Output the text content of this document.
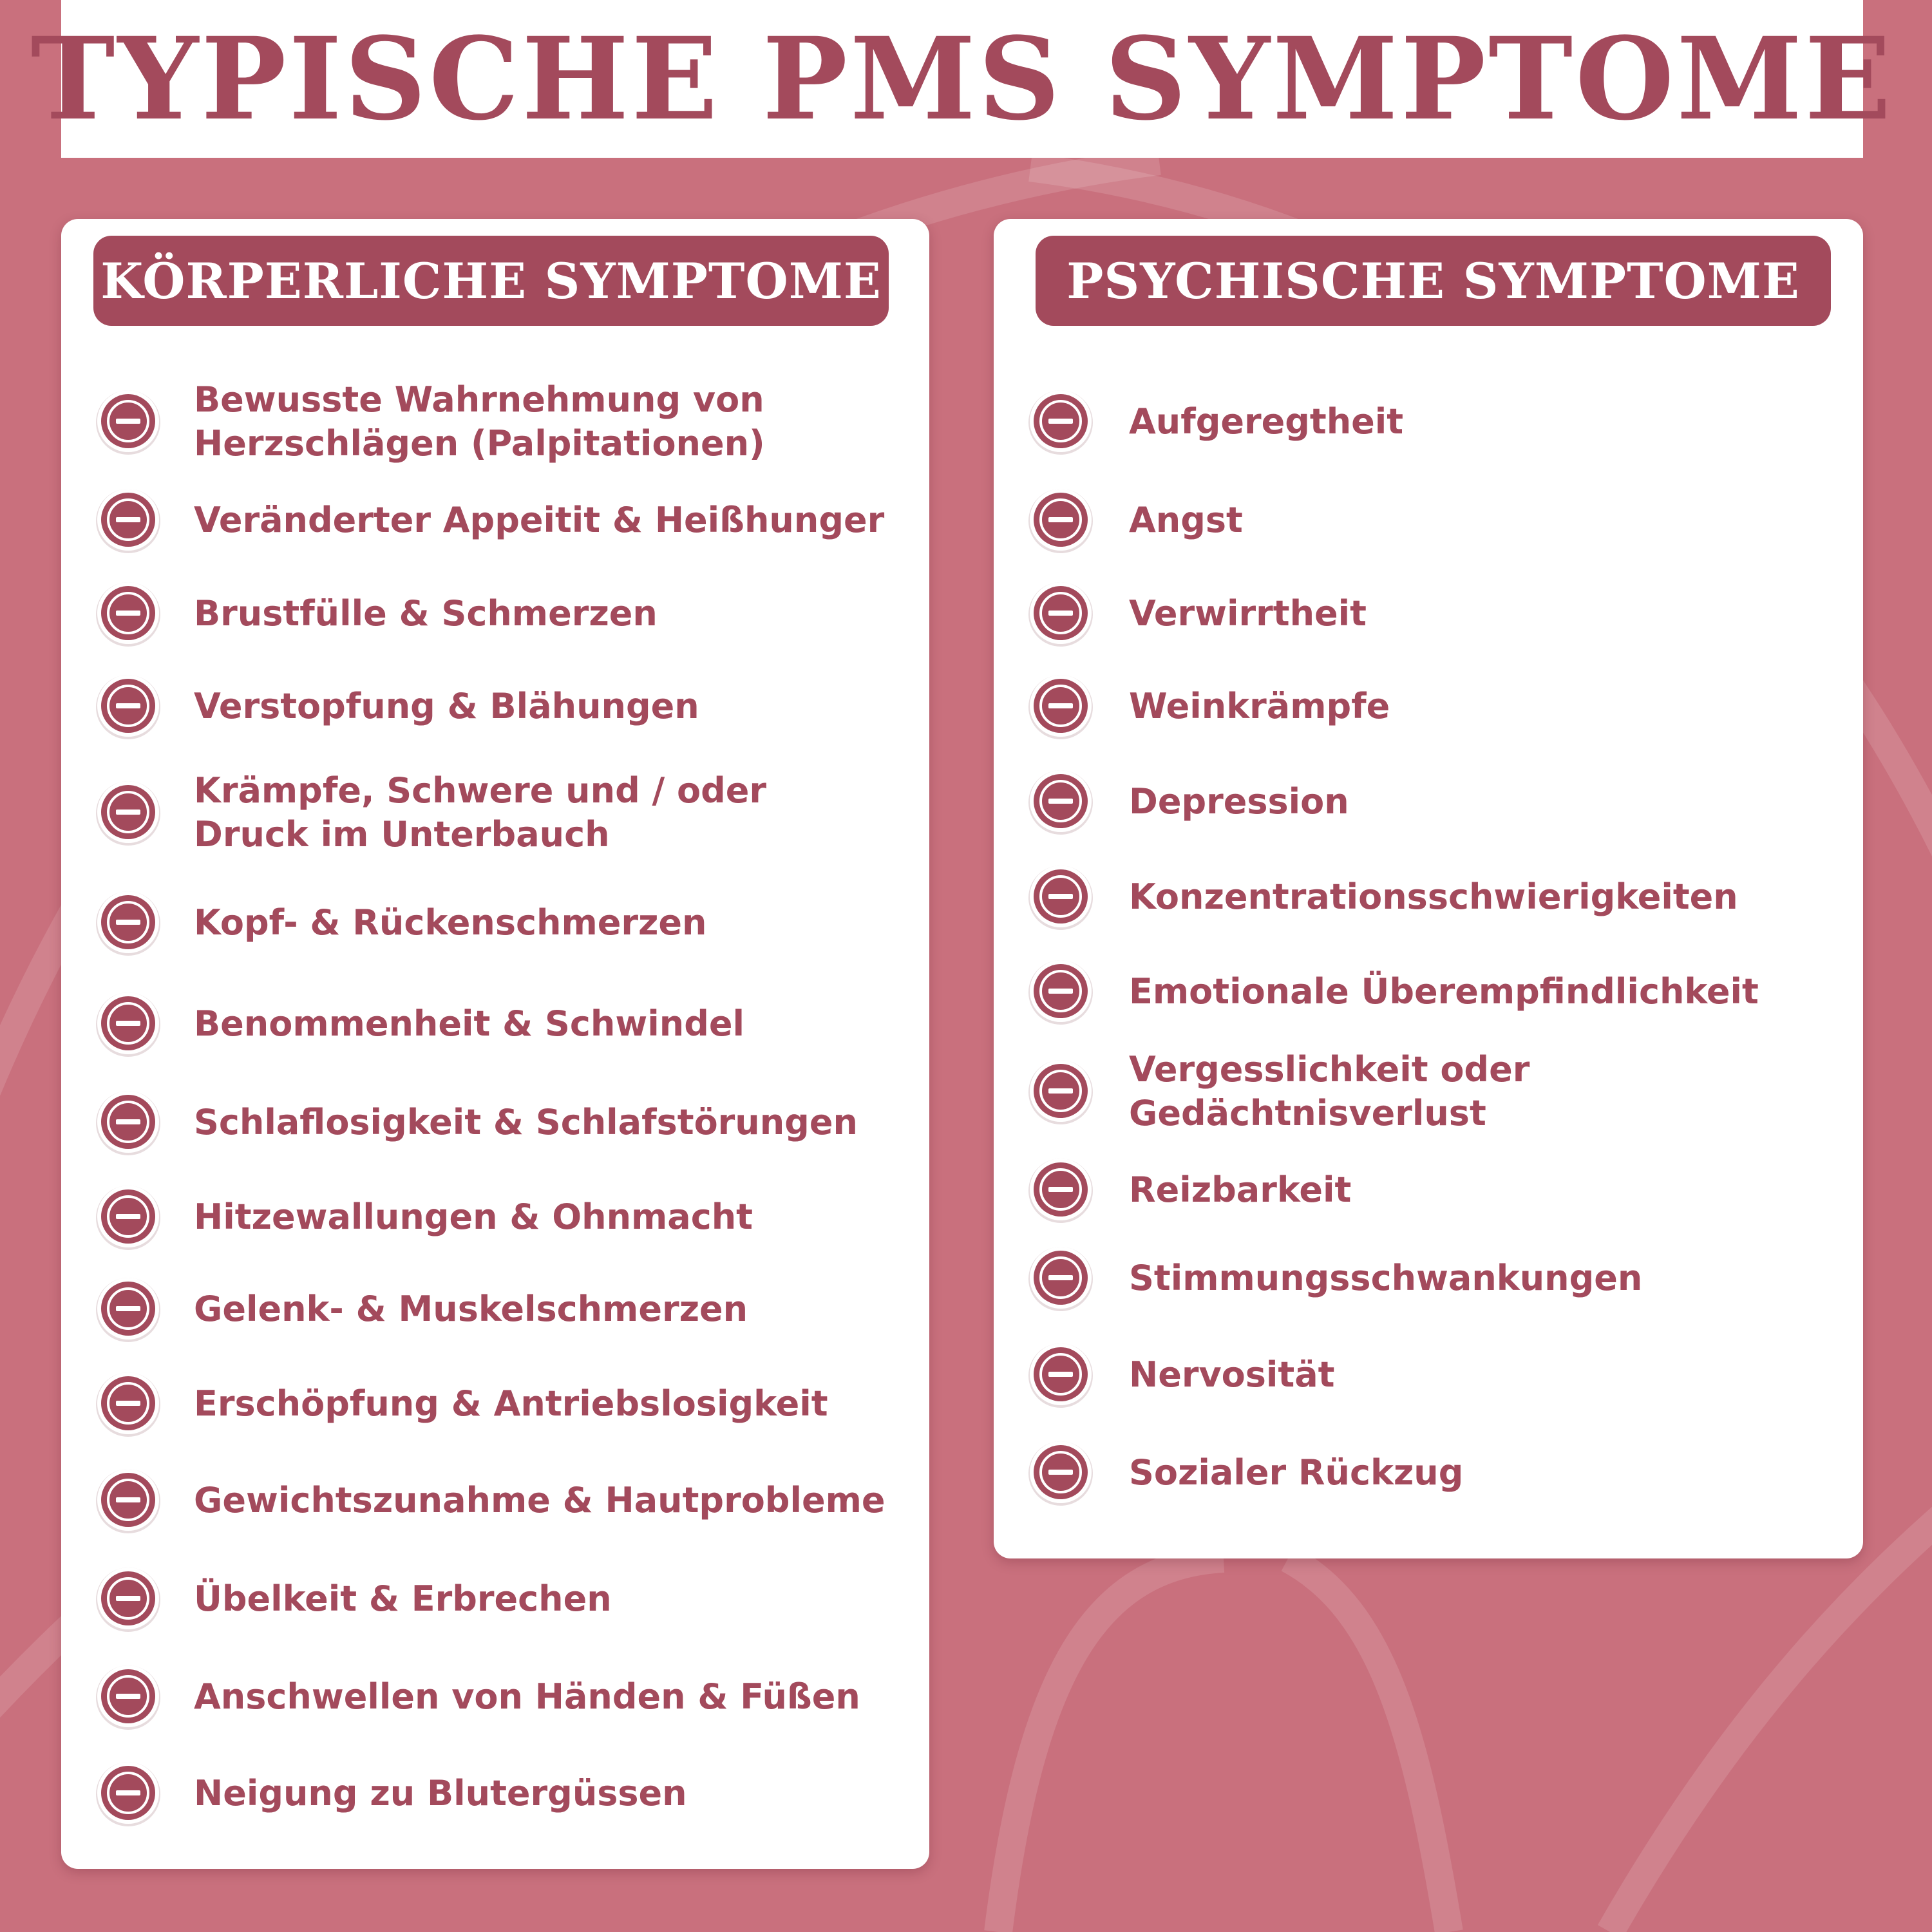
TYPISCHE PMS SYMPTOME
KÖRPERLICHE SYMPTOME
Bewusste Wahrnehmung von
Herzschlägen (Palpitationen)
Veränderter Appeitit & Heißhunger
Brustfülle & Schmerzen
Verstopfung & Blähungen
Krämpfe, Schwere und / oder
Druck im Unterbauch
Kopf- & Rückenschmerzen
Benommenheit & Schwindel
Schlaflosigkeit & Schlafstörungen
Hitzewallungen & Ohnmacht
Gelenk- & Muskelschmerzen
Erschöpfung & Antriebslosigkeit
Gewichtszunahme & Hautprobleme
Übelkeit & Erbrechen
Anschwellen von Händen & Füßen
Neigung zu Blutergüssen
PSYCHISCHE SYMPTOME
Aufgeregtheit
Angst
Verwirrtheit
Weinkrämpfe
Depression
Konzentrationsschwierigkeiten
Emotionale Überempfindlichkeit
Vergesslichkeit oder
Gedächtnisverlust
Reizbarkeit
Stimmungsschwankungen
Nervosität
Sozialer Rückzug
